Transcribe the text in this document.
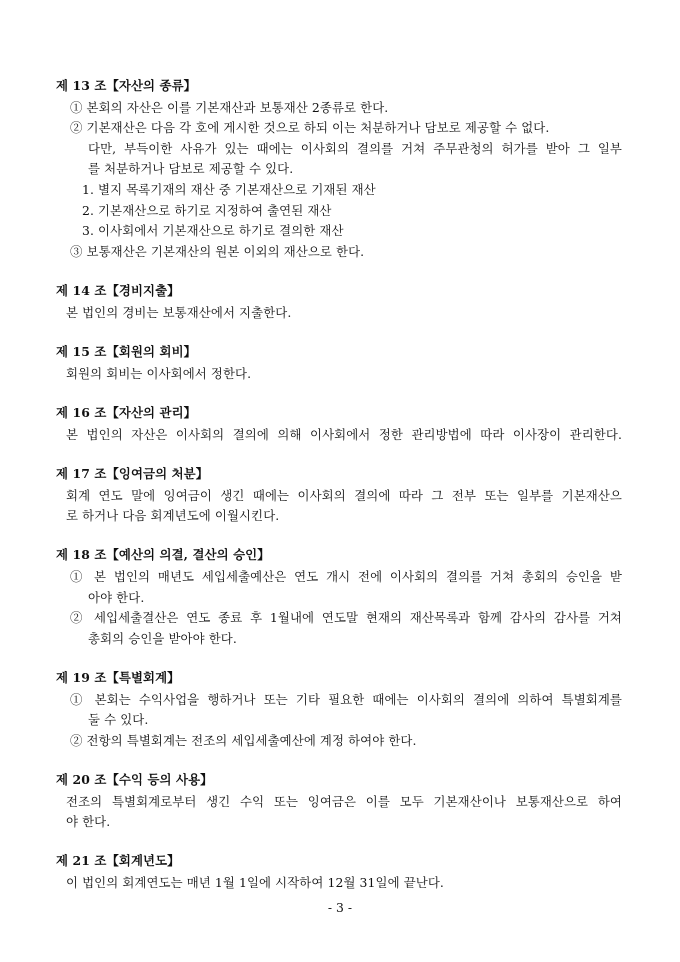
제 13 조【자산의 종류】
① 본회의 자산은 이를 기본재산과 보통재산 2종류로 한다.
② 기본재산은 다음 각 호에 게시한 것으로 하되 이는 처분하거나 담보로 제공할 수 없다.
다만, 부득이한 사유가 있는 때에는 이사회의 결의를 거쳐 주무관청의 허가를 받아 그 일부
를 처분하거나 담보로 제공할 수 있다.
1. 별지 목록기재의 재산 중 기본재산으로 기재된 재산
2. 기본재산으로 하기로 지정하여 출연된 재산
3. 이사회에서 기본재산으로 하기로 결의한 재산
③ 보통재산은 기본재산의 원본 이외의 재산으로 한다.
제 14 조【경비지출】
본 법인의 경비는 보통재산에서 지출한다.
제 15 조【회원의 회비】
회원의 회비는 이사회에서 정한다.
제 16 조【자산의 관리】
본 법인의 자산은 이사회의 결의에 의해 이사회에서 정한 관리방법에 따라 이사장이 관리한다.
제 17 조【잉여금의 처분】
회계 연도 말에 잉여금이 생긴 때에는 이사회의 결의에 따라 그 전부 또는 일부를 기본재산으
로 하거나 다음 회계년도에 이월시킨다.
제 18 조【예산의 의결, 결산의 승인】
① 본 법인의 매년도 세입세출예산은 연도 개시 전에 이사회의 결의를 거쳐 총회의 승인을 받
아야 한다.
② 세입세출결산은 연도 종료 후 1월내에 연도말 현재의 재산목록과 함께 감사의 감사를 거쳐
총회의 승인을 받아야 한다.
제 19 조【특별회계】
① 본회는 수익사업을 행하거나 또는 기타 필요한 때에는 이사회의 결의에 의하여 특별회계를
둘 수 있다.
② 전항의 특별회계는 전조의 세입세출예산에 계정 하여야 한다.
제 20 조【수익 등의 사용】
전조의 특별회계로부터 생긴 수익 또는 잉여금은 이를 모두 기본재산이나 보통재산으로 하여
야 한다.
제 21 조【회계년도】
이 법인의 회계연도는 매년 1월 1일에 시작하여 12월 31일에 끝난다.
- 3 -
